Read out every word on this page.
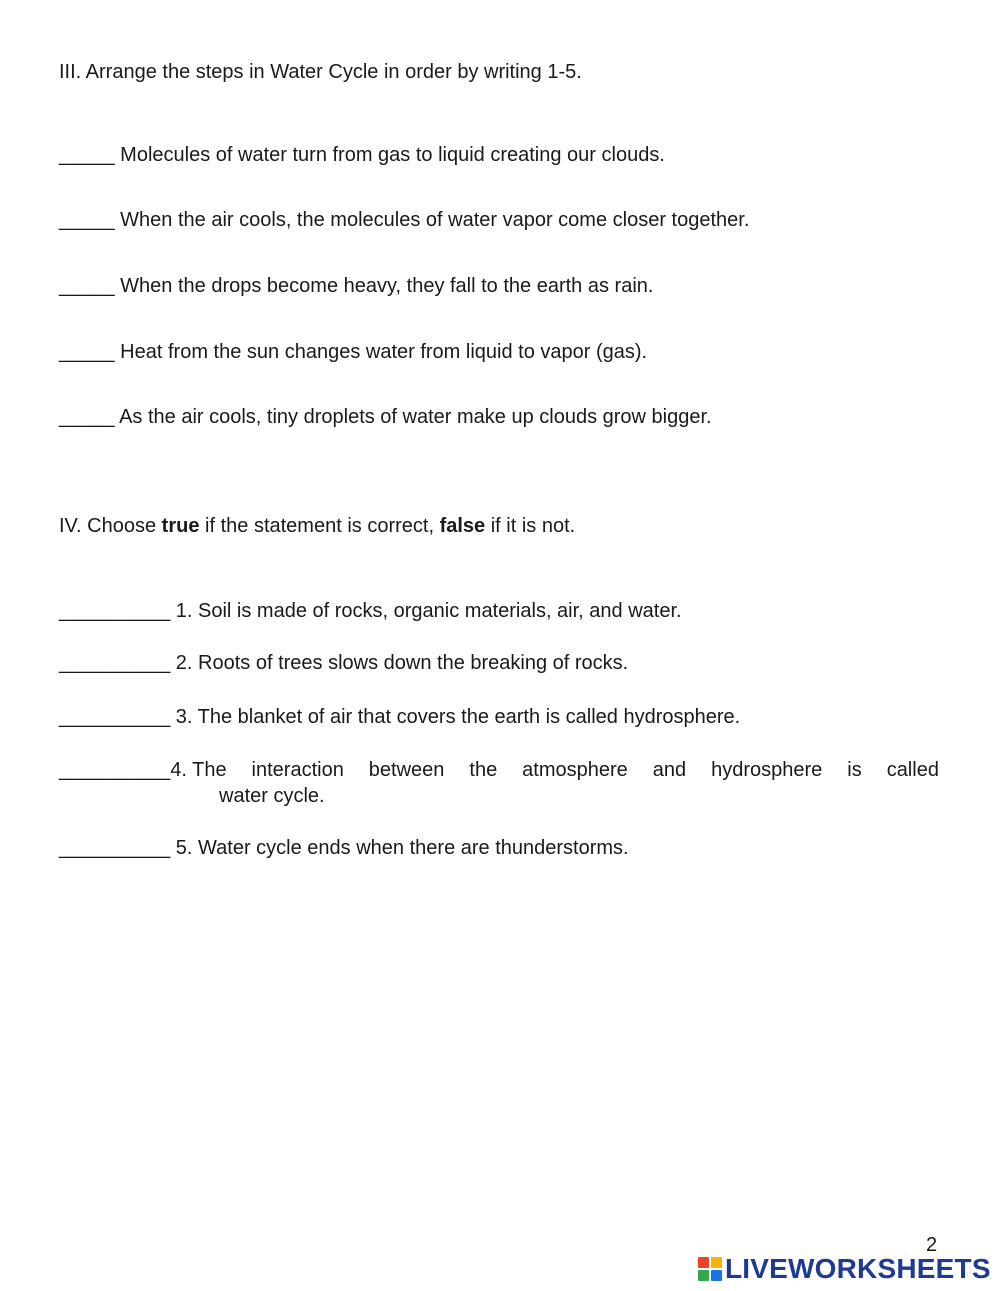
III. Arrange the steps in Water Cycle in order by writing 1-5.
_____ Molecules of water turn from gas to liquid creating our clouds.
_____ When the air cools, the molecules of water vapor come closer together.
_____ When the drops become heavy, they fall to the earth as rain.
_____ Heat from the sun changes water from liquid to vapor (gas).
_____ As the air cools, tiny droplets of water make up clouds grow bigger.
IV. Choose true if the statement is correct, false if it is not.
__________ 1. Soil is made of rocks, organic materials, air, and water.
__________ 2. Roots of trees slows down the breaking of rocks.
__________ 3. The blanket of air that covers the earth is called hydrosphere.
__________4. The interaction between the atmosphere and hydrosphere is called
water cycle.
__________ 5. Water cycle ends when there are thunderstorms.
2
LIVEWORKSHEETS
